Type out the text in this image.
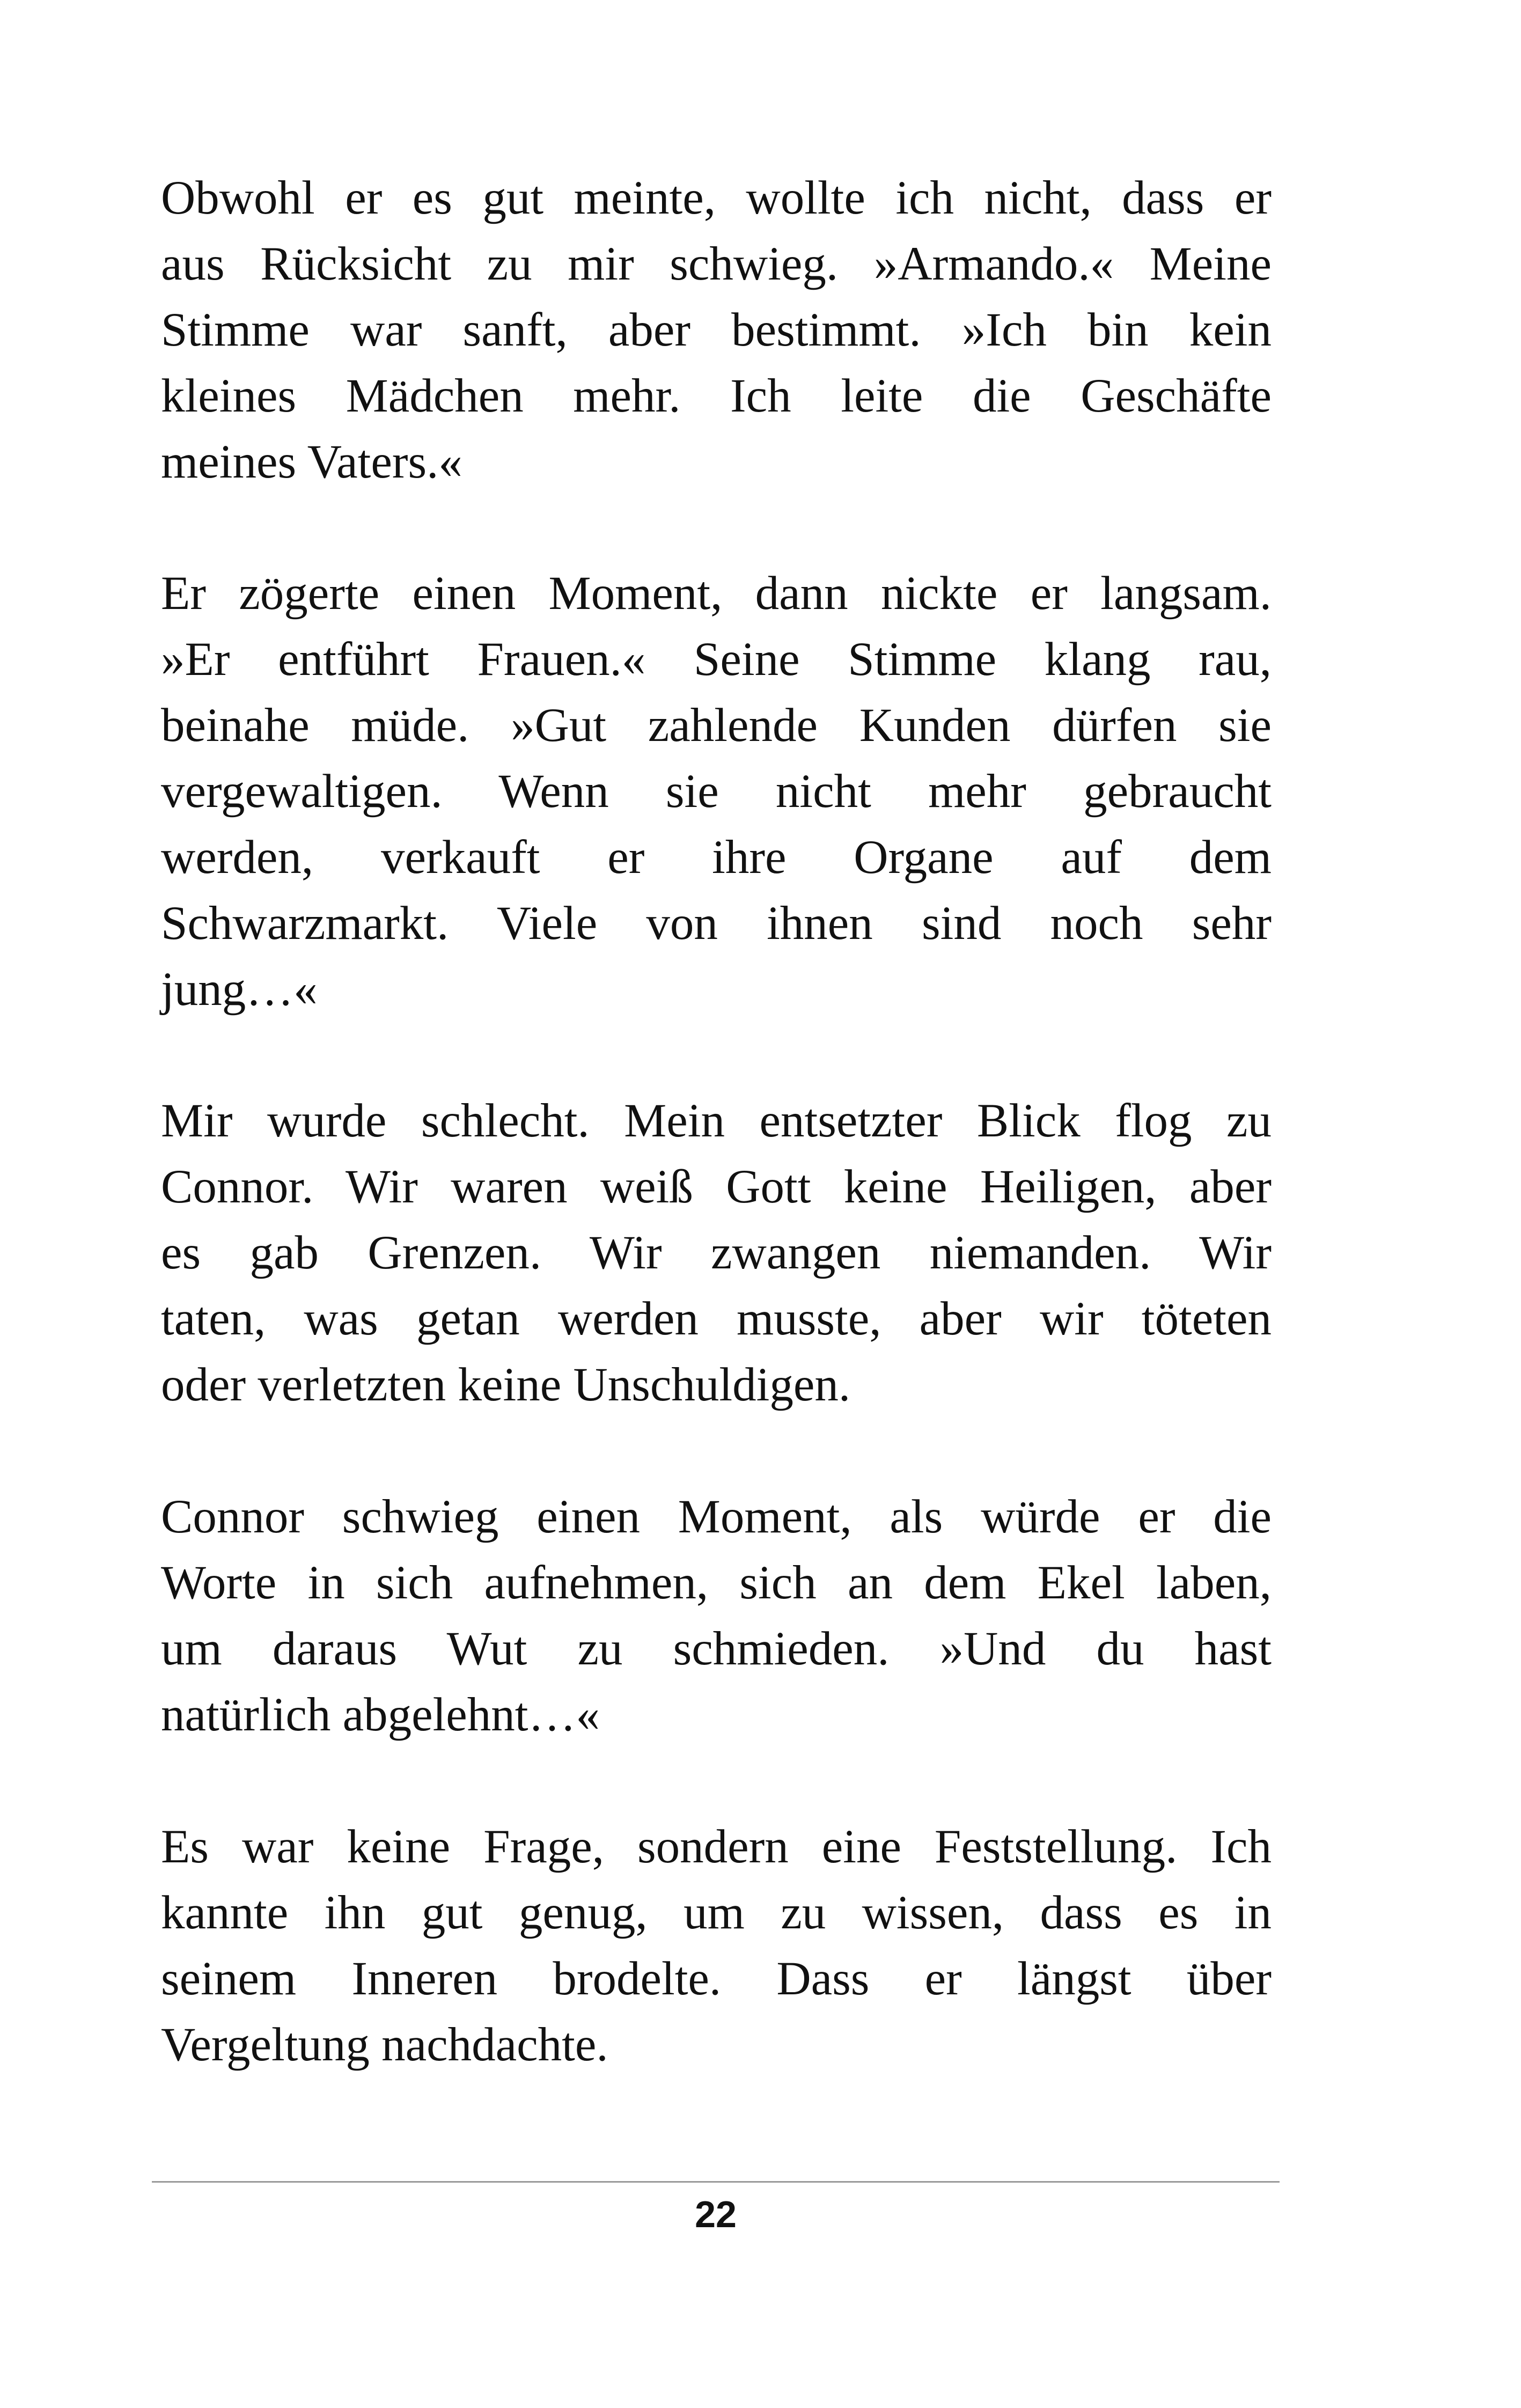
Obwohl er es gut meinte, wollte ich nicht, dass er
aus Rücksicht zu mir schwieg. »Armando.« Meine
Stimme war sanft, aber bestimmt. »Ich bin kein
kleines Mädchen mehr. Ich leite die Geschäfte
meines Vaters.«

Er zögerte einen Moment, dann nickte er langsam.
»Er entführt Frauen.« Seine Stimme klang rau,
beinahe müde. »Gut zahlende Kunden dürfen sie
vergewaltigen. Wenn sie nicht mehr gebraucht
werden, verkauft er ihre Organe auf dem
Schwarzmarkt. Viele von ihnen sind noch sehr
jung…«

Mir wurde schlecht. Mein entsetzter Blick flog zu
Connor. Wir waren weiß Gott keine Heiligen, aber
es gab Grenzen. Wir zwangen niemanden. Wir
taten, was getan werden musste, aber wir töteten
oder verletzten keine Unschuldigen.

Connor schwieg einen Moment, als würde er die
Worte in sich aufnehmen, sich an dem Ekel laben,
um daraus Wut zu schmieden. »Und du hast
natürlich abgelehnt…«

Es war keine Frage, sondern eine Feststellung. Ich
kannte ihn gut genug, um zu wissen, dass es in
seinem Inneren brodelte. Dass er längst über
Vergeltung nachdachte.

22
